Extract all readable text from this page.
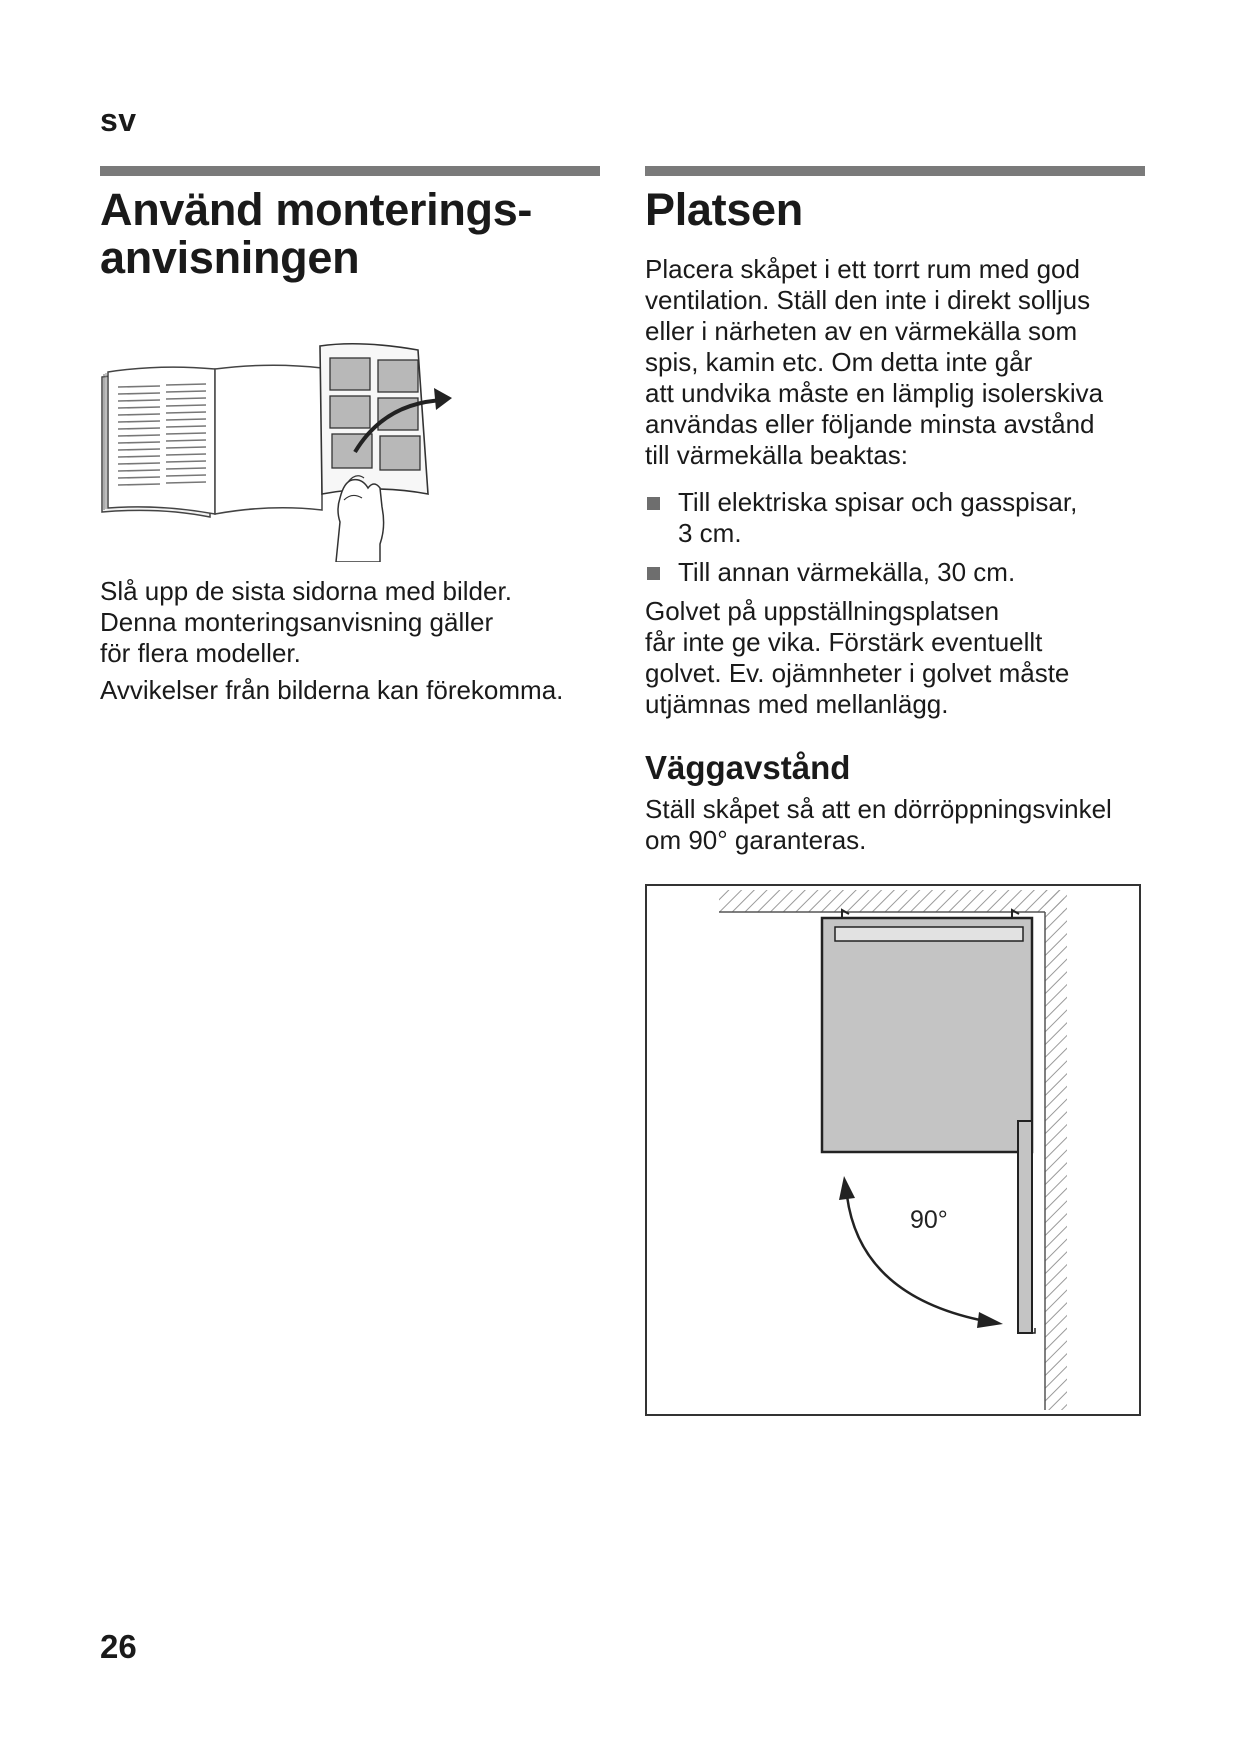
sv
Använd monterings-
anvisningen

Slå upp de sista sidorna med bilder.
Denna monteringsanvisning gäller
för flera modeller.

Avvikelser från bilderna kan förekomma.

Platsen

Placera skåpet i ett torrt rum med god
ventilation. Ställ den inte i direkt solljus
eller i närheten av en värmekälla som
spis, kamin etc. Om detta inte går
att undvika måste en lämplig isolerskiva
användas eller följande minsta avstånd
till värmekälla beaktas:

Till elektriska spisar och gasspisar,
3 cm.
Till annan värmekälla, 30 cm.

Golvet på uppställningsplatsen
får inte ge vika. Förstärk eventuellt
golvet. Ev. ojämnheter i golvet måste
utjämnas med mellanlägg.

Väggavstånd

Ställ skåpet så att en dörröppningsvinkel
om 90° garanteras.

90°
26
